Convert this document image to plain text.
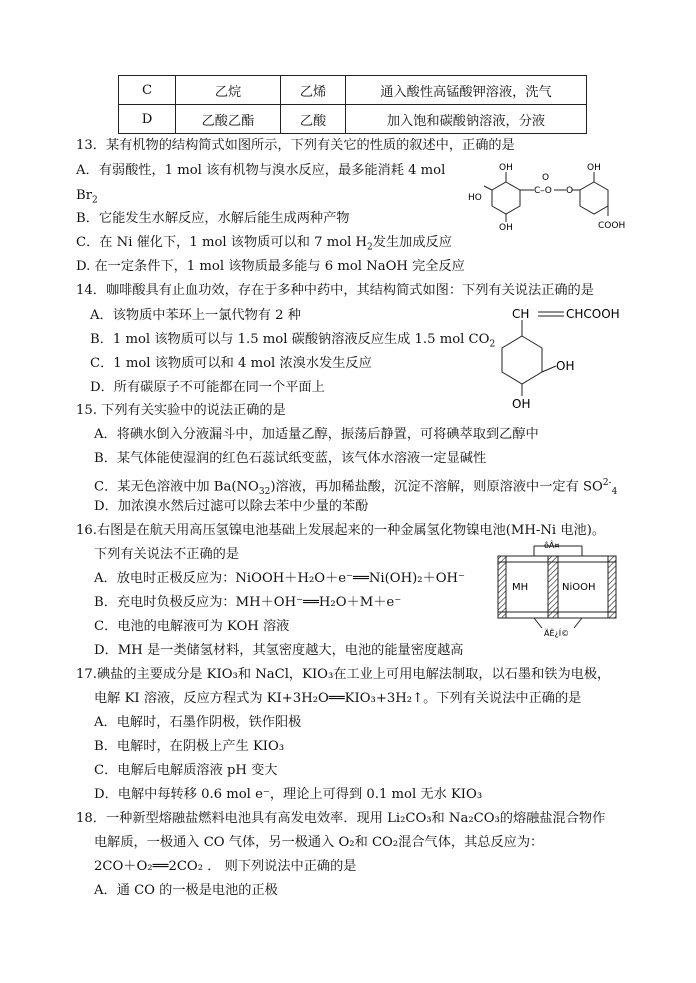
C	乙烷	乙烯	通入酸性高锰酸钾溶液，洗气
D	乙酸乙酯	乙酸	加入饱和碳酸钠溶液，分液
13．某有机物的结构简式如图所示，下列有关它的性质的叙述中，正确的是
A．有弱酸性，1 mol 该有机物与溴水反应，最多能消耗 4 mol
$Br_2$
B．它能发生水解反应，水解后能生成两种产物
C．在 Ni 催化下，1 mol 该物质可以和 7 mol $H_2$发生加成反应
D. 在一定条件下，1 mol 该物质最多能与 6 mol NaOH 完全反应
HO
OH
OH
C–O
O
O
OH
COOH
14．咖啡酸具有止血功效，存在于多种中药中，其结构简式如图：下列有关说法正确的是
A．该物质中苯环上一氯代物有 2 种
B．1 mol 该物质可以与 1.5 mol 碳酸钠溶液反应生成 1.5 mol $CO_2$
C．1 mol 该物质可以和 4 mol 浓溴水发生反应
D．所有碳原子不可能都在同一个平面上
CH	CHCOOH
OH
OH
15. 下列有关实验中的说法正确的是
A．将碘水倒入分液漏斗中，加适量乙醇，振荡后静置，可将碘萃取到乙醇中
B．某气体能使湿润的红色石蕊试纸变蓝，该气体水溶液一定显碱性
C．某无色溶液中加 $Ba(NO_{32})$溶液，再加稀盐酸，沉淀不溶解，则原溶液中一定有 $SO^{2-}_4$
D．加浓溴水然后过滤可以除去苯中少量的苯酚
16.右图是在航天用高压氢镍电池基础上发展起来的一种金属氢化物镍电池(MH-Ni 电池)。
下列有关说法不正确的是
A．放电时正极反应为：NiOOH＋H₂O＋e⁻══Ni(OH)₂＋OH⁻
B．充电时负极反应为：MH＋OH⁻══H₂O＋M＋e⁻
C．电池的电解液可为 KOH 溶液
D．MH 是一类储氢材料，其氢密度越大，电池的能量密度越高
ôÂ¤
MH	NiOOH
ÄË¿Í©
17.碘盐的主要成分是 KIO₃和 NaCl，KIO₃在工业上可用电解法制取，以石墨和铁为电极，
电解 KI 溶液，反应方程式为 KI+3H₂O══KIO₃+3H₂↑。下列有关说法中正确的是
A．电解时，石墨作阴极，铁作阳极
B．电解时，在阴极上产生 KIO₃
C．电解后电解质溶液 pH 变大
D．电解中每转移 0.6 mol e⁻，理论上可得到 0.1 mol 无水 KIO₃
18．一种新型熔融盐燃料电池具有高发电效率．现用 Li₂CO₃和 Na₂CO₃的熔融盐混合物作
电解质，一极通入 CO 气体，另一极通入 O₂和 CO₂混合气体，其总反应为：
2CO＋O₂══2CO₂ ． 则下列说法中正确的是
A．通 CO 的一极是电池的正极
